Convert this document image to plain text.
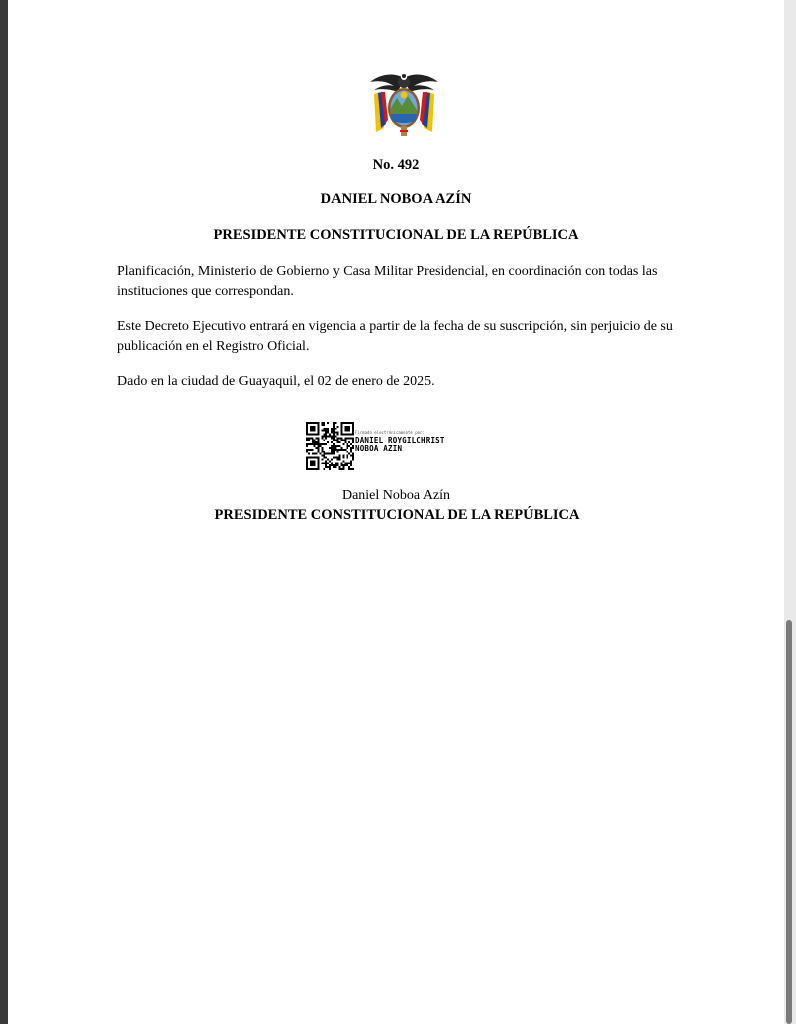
No. 492
DANIEL NOBOA AZÍN
PRESIDENTE CONSTITUCIONAL DE LA REPÚBLICA
Planificación, Ministerio de Gobierno y Casa Militar Presidencial, en coordinación con todas las instituciones que correspondan.
Este Decreto Ejecutivo entrará en vigencia a partir de la fecha de su suscripción, sin perjuicio de su publicación en el Registro Oficial.
Dado en la ciudad de Guayaquil, el 02 de enero de 2025.
Firmado electrónicamente por:
DANIEL ROYGILCHRIST
NOBOA AZIN
Daniel Noboa Azín
PRESIDENTE CONSTITUCIONAL DE LA REPÚBLICA
